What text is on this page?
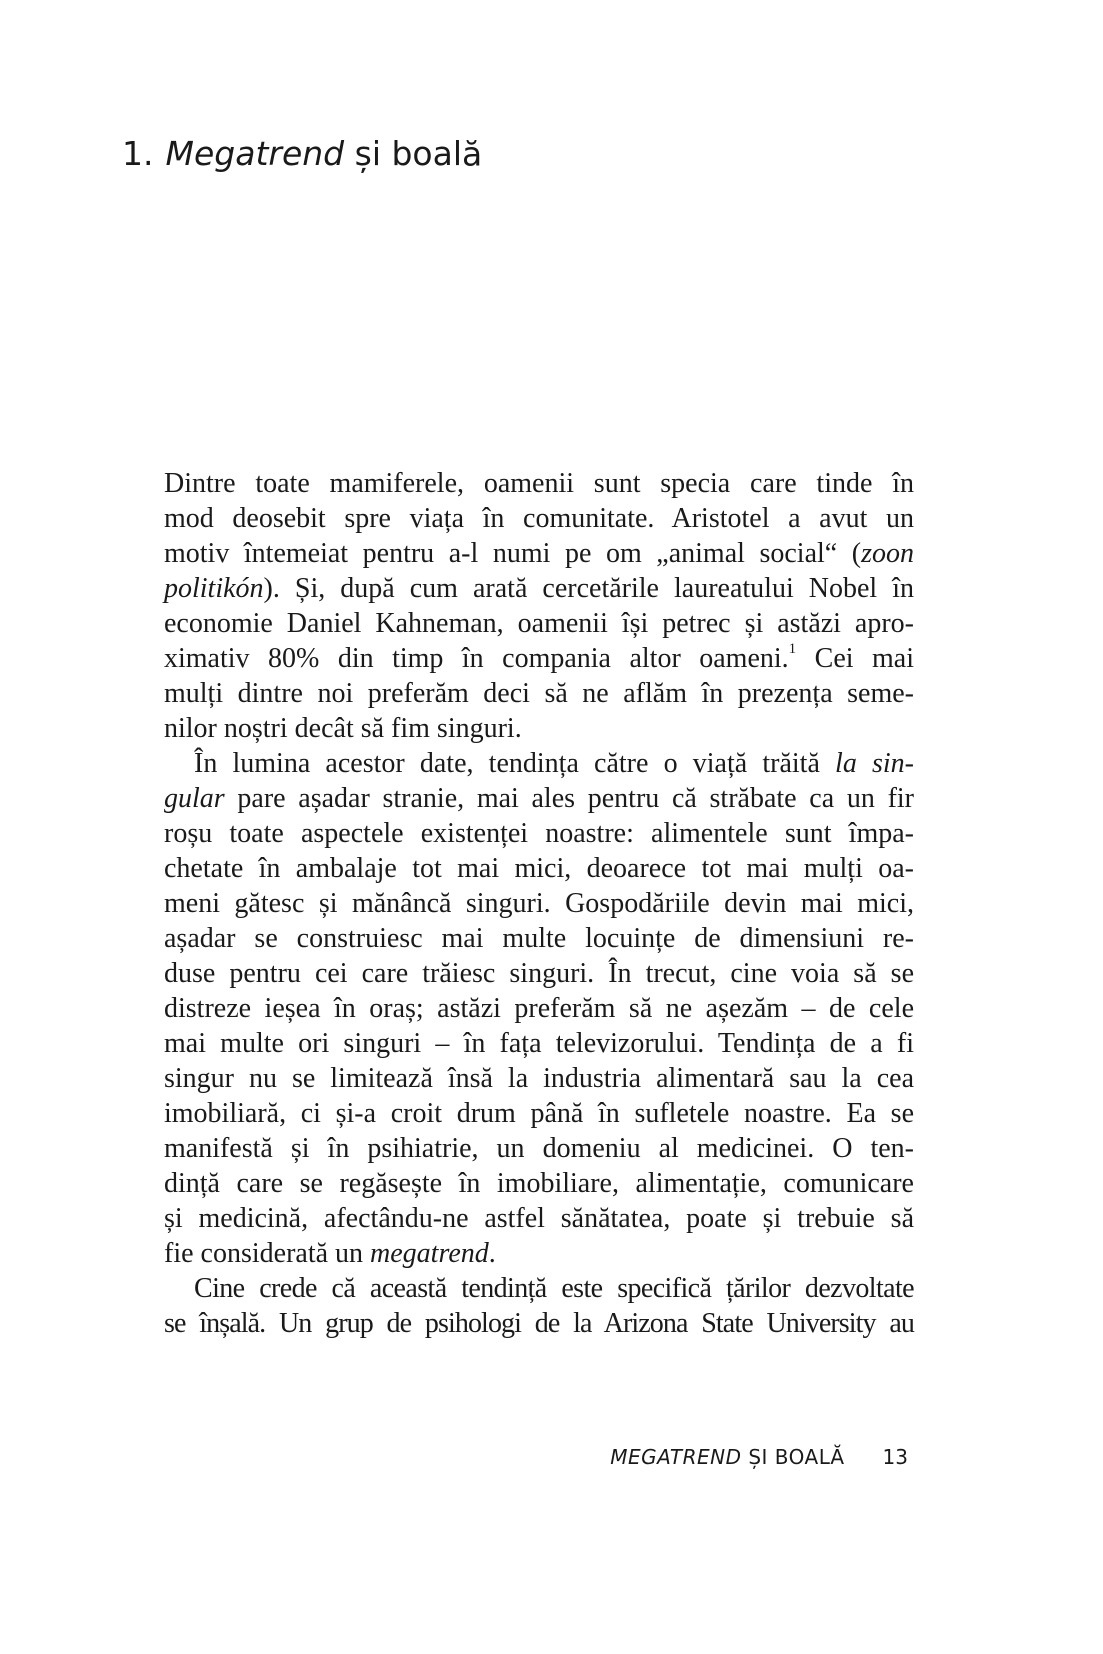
1. Megatrend și boală
Dintre toate mamiferele, oamenii sunt specia care tinde în
mod deosebit spre viața în comunitate. Aristotel a avut un
motiv întemeiat pentru a-l numi pe om „animal social“ (zoon
politikón). Și, după cum arată cercetările laureatului Nobel în
economie Daniel Kahneman, oamenii își petrec și astăzi apro-
ximativ 80% din timp în compania altor oameni.$^1$ Cei mai
mulți dintre noi preferăm deci să ne aflăm în prezența seme-
nilor noștri decât să fim singuri.
În lumina acestor date, tendința către o viață trăită la sin-
gular pare așadar stranie, mai ales pentru că străbate ca un fir
roșu toate aspectele existenței noastre: alimentele sunt împa-
chetate în ambalaje tot mai mici, deoarece tot mai mulți oa-
meni gătesc și mănâncă singuri. Gospodăriile devin mai mici,
așadar se construiesc mai multe locuințe de dimensiuni re-
duse pentru cei care trăiesc singuri. În trecut, cine voia să se
distreze ieșea în oraș; astăzi preferăm să ne așezăm – de cele
mai multe ori singuri – în fața televizorului. Tendința de a fi
singur nu se limitează însă la industria alimentară sau la cea
imobiliară, ci și-a croit drum până în sufletele noastre. Ea se
manifestă și în psihiatrie, un domeniu al medicinei. O ten-
dință care se regăsește în imobiliare, alimentație, comunicare
și medicină, afectându-ne astfel sănătatea, poate și trebuie să
fie considerată un megatrend.
Cine crede că această tendință este specifică țărilor dezvoltate
se înșală. Un grup de psihologi de la Arizona State University au
MEGATREND ȘI BOALĂ 13
